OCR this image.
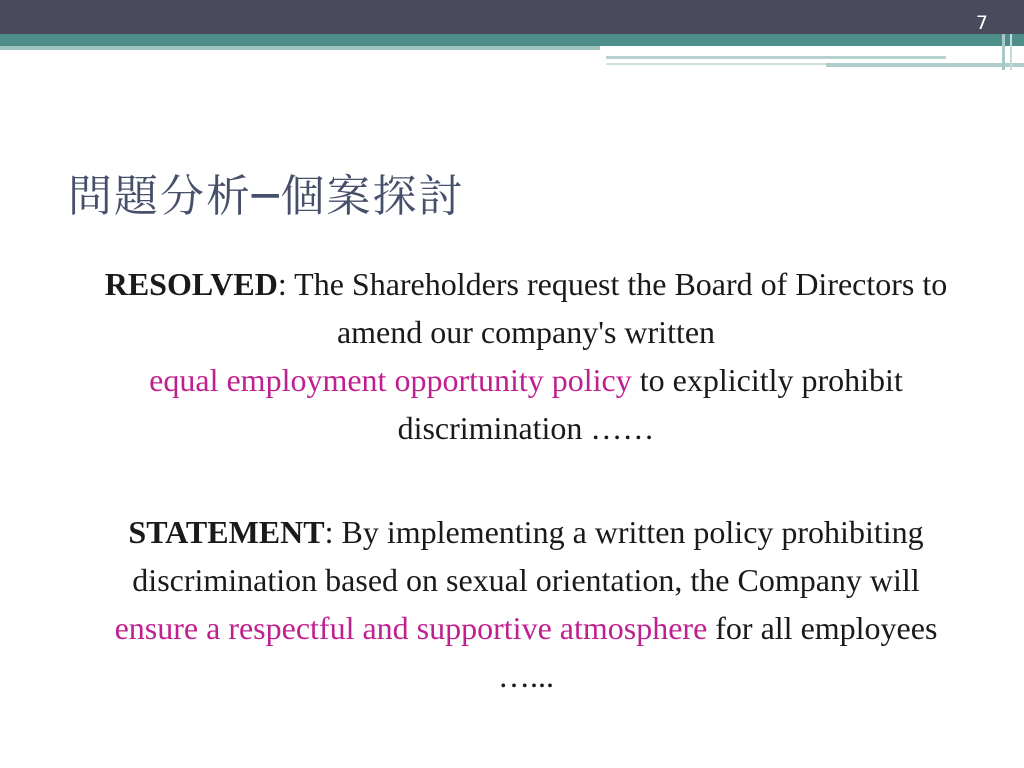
7
問題分析─個案探討

RESOLVED: The Shareholders request the Board of Directors to amend our company's written
equal employment opportunity policy to explicitly prohibit discrimination ……

STATEMENT: By implementing a written policy prohibiting discrimination based on sexual orientation, the Company will ensure a respectful and supportive atmosphere for all employees …...
